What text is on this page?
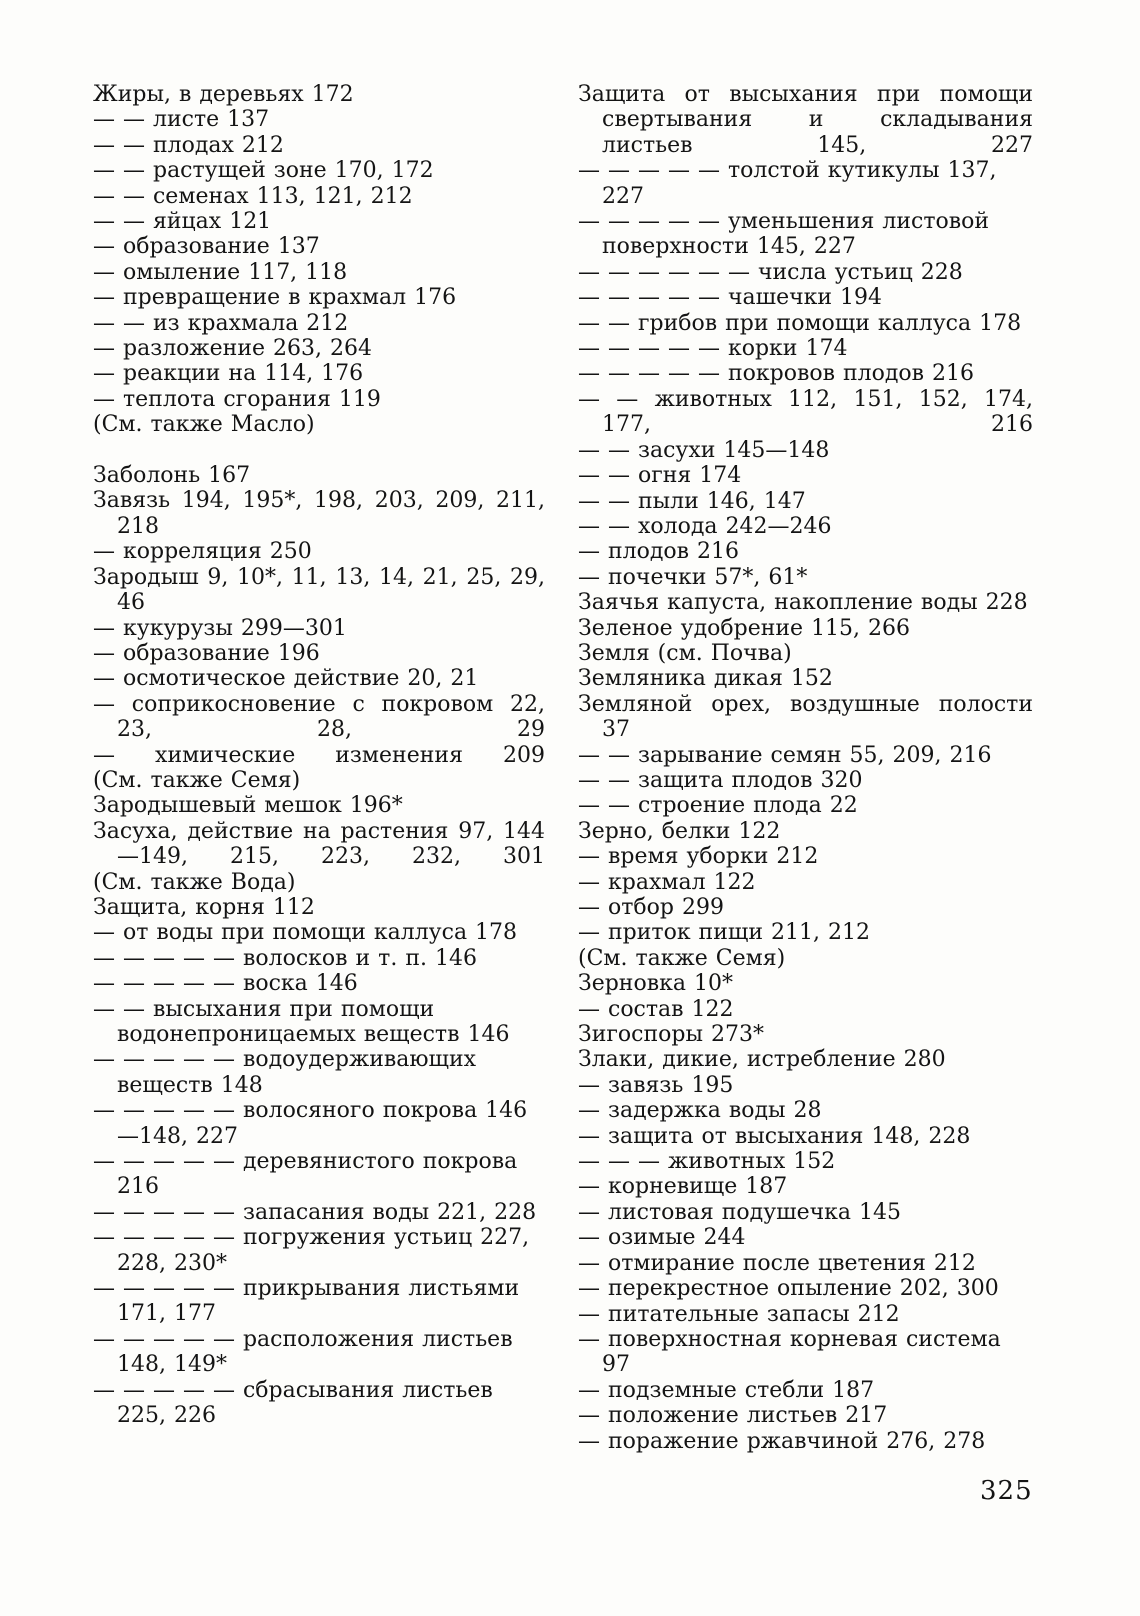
Жиры, в деревьях 172
— — листе 137
— — плодах 212
— — растущей зоне 170, 172
— — семенах 113, 121, 212
— — яйцах 121
— образование 137
— омыление 117, 118
— превращение в крахмал 176
— — из крахмала 212
— разложение 263, 264
— реакции на 114, 176
— теплота сгорания 119
(См. также Масло)
Заболонь 167
Завязь 194, 195*, 198, 203, 209, 211, 218
— корреляция 250
Зародыш 9, 10*, 11, 13, 14, 21, 25, 29, 46
— кукурузы 299—301
— образование 196
— осмотическое действие 20, 21
— соприкосновение с покровом 22, 23, 28, 29
— химические изменения 209
(См. также Семя)
Зародышевый мешок 196*
Засуха, действие на растения 97, 144—149, 215, 223, 232, 301
(См. также Вода)
Защита, корня 112
— от воды при помощи каллуса 178
— — — — — волосков и т. п. 146
— — — — — воска 146
— — высыхания при помощи водонепроницаемых веществ 146
— — — — — водоудерживающих веществ 148
— — — — — волосяного покрова 146—148, 227
— — — — — деревянистого покрова 216
— — — — — запасания воды 221, 228
— — — — — погружения устьиц 227, 228, 230*
— — — — — прикрывания листьями 171, 177
— — — — — расположения листьев 148, 149*
— — — — — сбрасывания листьев 225, 226
Защита от высыхания при помощи свертывания и складывания листьев 145, 227
— — — — — толстой кутикулы 137, 227
— — — — — уменьшения листовой поверхности 145, 227
— — — — — — числа устьиц 228
— — — — — чашечки 194
— — грибов при помощи каллуса 178
— — — — — корки 174
— — — — — покровов плодов 216
— — животных 112, 151, 152, 174, 177, 216
— — засухи 145—148
— — огня 174
— — пыли 146, 147
— — холода 242—246
— плодов 216
— почечки 57*, 61*
Заячья капуста, накопление воды 228
Зеленое удобрение 115, 266
Земля (см. Почва)
Земляника дикая 152
Земляной орех, воздушные полости 37
— — зарывание семян 55, 209, 216
— — защита плодов 320
— — строение плода 22
Зерно, белки 122
— время уборки 212
— крахмал 122
— отбор 299
— приток пищи 211, 212
(См. также Семя)
Зерновка 10*
— состав 122
Зигоспоры 273*
Злаки, дикие, истребление 280
— завязь 195
— задержка воды 28
— защита от высыхания 148, 228
— — — животных 152
— корневище 187
— листовая подушечка 145
— озимые 244
— отмирание после цветения 212
— перекрестное опыление 202, 300
— питательные запасы 212
— поверхностная корневая система 97
— подземные стебли 187
— положение листьев 217
— поражение ржавчиной 276, 278
325
